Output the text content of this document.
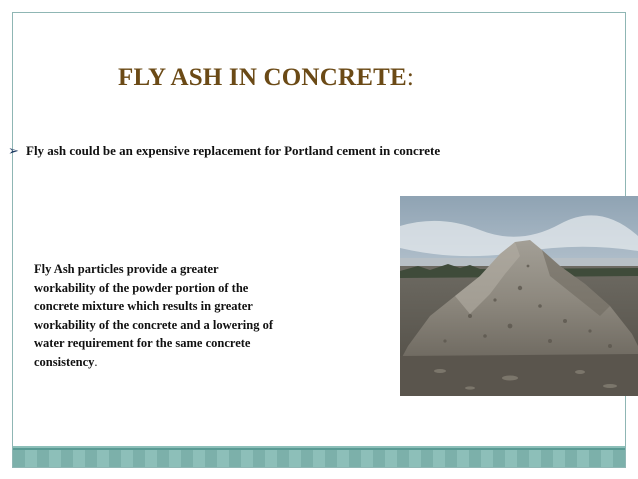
FLY ASH IN CONCRETE:
➢ Fly ash could be an expensive replacement for Portland cement in concrete

Fly Ash particles provide a greater
workability of the powder portion of the
concrete mixture which results in greater
workability of the concrete and a lowering of
water requirement for the same concrete
consistency.
